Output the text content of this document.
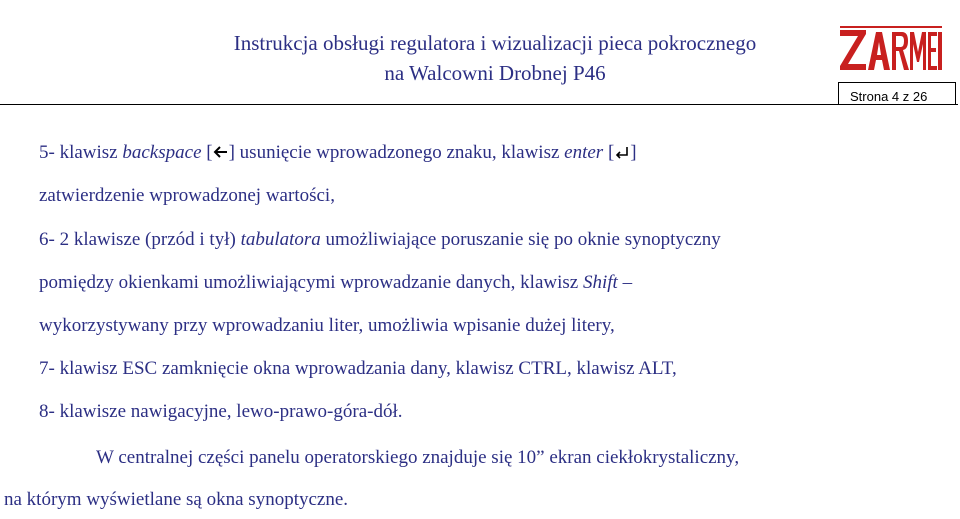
Instrukcja obsługi regulatora i wizualizacji pieca pokrocznego
na Walcowni Drobnej P46
Strona 4 z 26
5- klawisz backspace [ ] usunięcie wprowadzonego znaku, klawisz enter [ ]
zatwierdzenie wprowadzonej wartości,
6- 2 klawisze (przód i tył) tabulatora umożliwiające poruszanie się po oknie synoptyczny
pomiędzy okienkami umożliwiającymi wprowadzanie danych, klawisz Shift –
wykorzystywany przy wprowadzaniu liter, umożliwia wpisanie dużej litery,
7- klawisz ESC zamknięcie okna wprowadzania dany, klawisz CTRL, klawisz ALT,
8- klawisze nawigacyjne, lewo-prawo-góra-dół.
W centralnej części panelu operatorskiego znajduje się 10” ekran ciekłokrystaliczny,
na którym wyświetlane są okna synoptyczne.
